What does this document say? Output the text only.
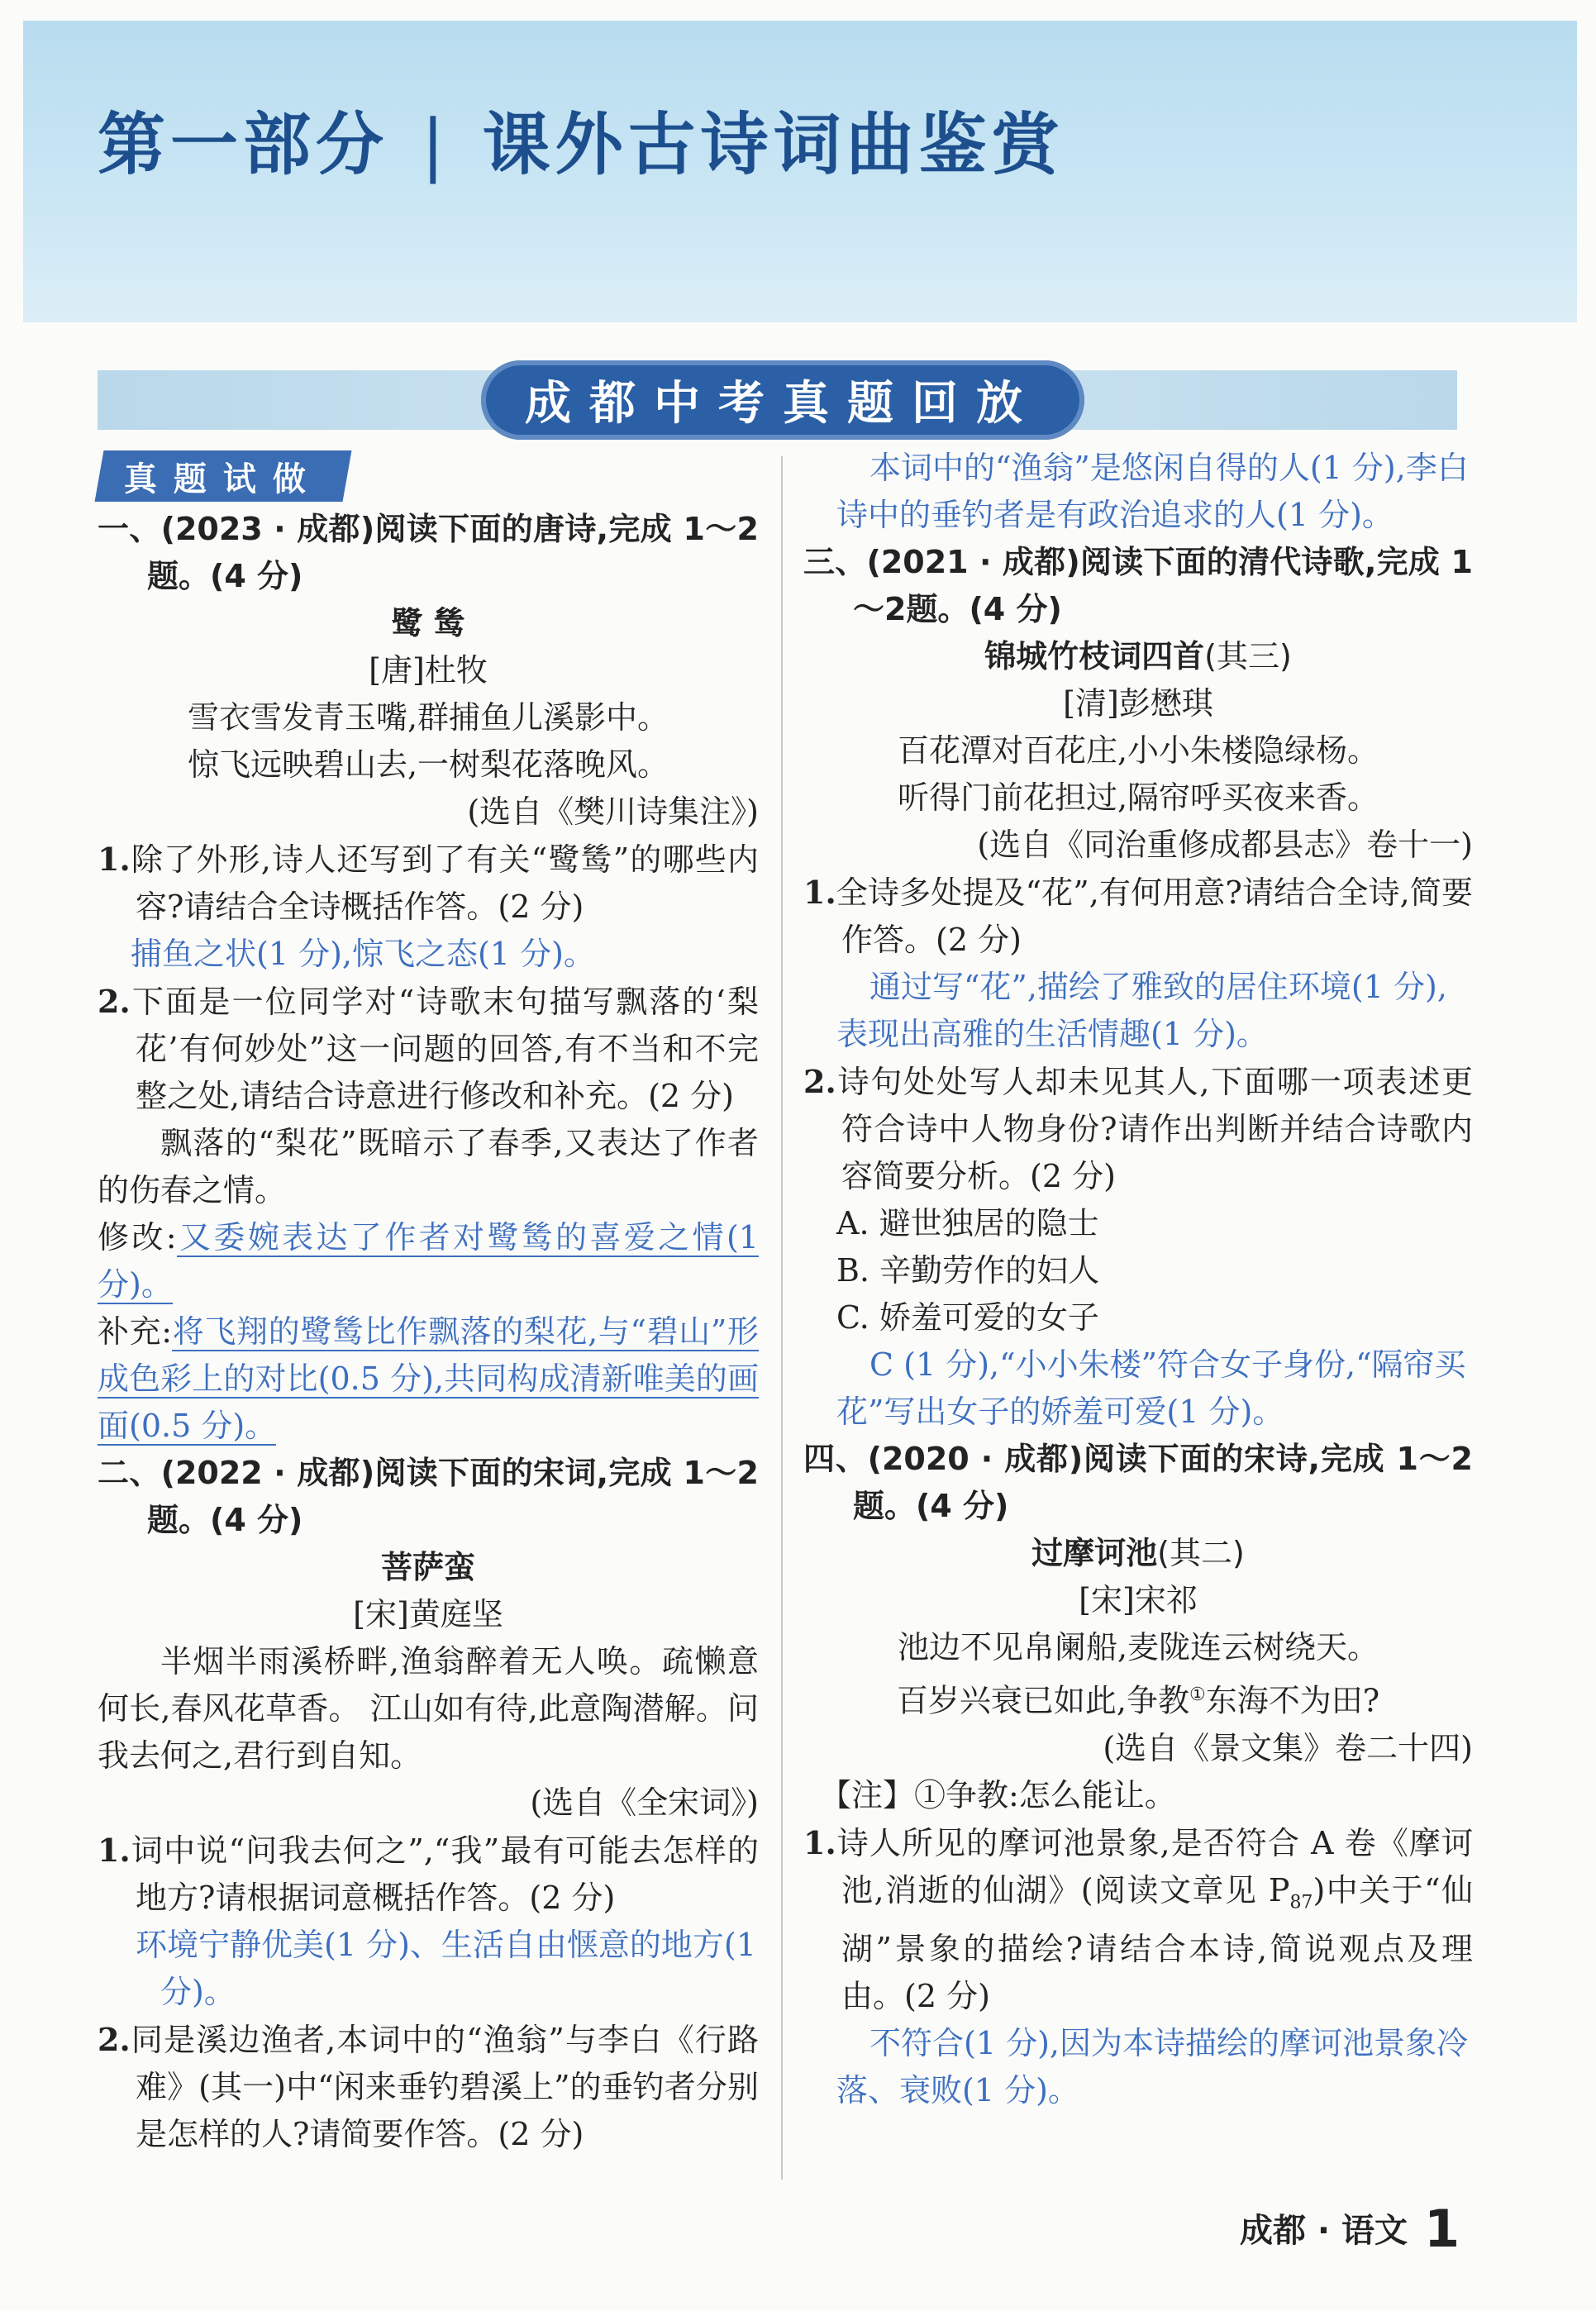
第一部分 | 课外古诗词曲鉴赏
成都中考真题回放
真题试做

一、(2023 · 成都)阅读下面的唐诗,完成 1～2 题。(4 分)

鹭 鸶

[唐]杜牧

雪衣雪发青玉嘴,群捕鱼儿溪影中。

惊飞远映碧山去,一树梨花落晚风。

(选自《樊川诗集注》)

1.除了外形,诗人还写到了有关“鹭鸶”的哪些内容?请结合全诗概括作答。(2 分)

捕鱼之状(1 分),惊飞之态(1 分)。

2.下面是一位同学对“诗歌末句描写飘落的‘梨花’有何妙处”这一问题的回答,有不当和不完整之处,请结合诗意进行修改和补充。(2 分)

飘落的“梨花”既暗示了春季,又表达了作者的伤春之情。

修改:又委婉表达了作者对鹭鸶的喜爱之情(1 分)。

补充:将飞翔的鹭鸶比作飘落的梨花,与“碧山”形成色彩上的对比(0.5 分),共同构成清新唯美的画面(0.5 分)。

二、(2022 · 成都)阅读下面的宋词,完成 1～2 题。(4 分)

菩萨蛮

[宋]黄庭坚

半烟半雨溪桥畔,渔翁醉着无人唤。疏懒意何长,春风花草香。 江山如有待,此意陶潜解。问我去何之,君行到自知。

(选自《全宋词》)

1.词中说“问我去何之”,“我”最有可能去怎样的地方?请根据词意概括作答。(2 分)

环境宁静优美(1 分)、生活自由惬意的地方(1 分)。

2.同是溪边渔者,本词中的“渔翁”与李白《行路难》(其一)中“闲来垂钓碧溪上”的垂钓者分别是怎样的人?请简要作答。(2 分)

本词中的“渔翁”是悠闲自得的人(1 分),李白诗中的垂钓者是有政治追求的人(1 分)。

三、(2021 · 成都)阅读下面的清代诗歌,完成 1～2题。(4 分)

锦城竹枝词四首(其三)

[清]彭懋琪

百花潭对百花庄,小小朱楼隐绿杨。

听得门前花担过,隔帘呼买夜来香。

(选自《同治重修成都县志》卷十一)

1.全诗多处提及“花”,有何用意?请结合全诗,简要作答。(2 分)

通过写“花”,描绘了雅致的居住环境(1 分),表现出高雅的生活情趣(1 分)。

2.诗句处处写人却未见其人,下面哪一项表述更符合诗中人物身份?请作出判断并结合诗歌内容简要分析。(2 分)

A. 避世独居的隐士

B. 辛勤劳作的妇人

C. 娇羞可爱的女子

C (1 分),“小小朱楼”符合女子身份,“隔帘买花”写出女子的娇羞可爱(1 分)。

四、(2020 · 成都)阅读下面的宋诗,完成 1～2 题。(4 分)

过摩诃池(其二)

[宋]宋祁

池边不见帛阑船,麦陇连云树绕天。

百岁兴衰已如此,争教①东海不为田?

(选自《景文集》卷二十四)

【注】①争教:怎么能让。

1.诗人所见的摩诃池景象,是否符合 A 卷《摩诃池,消逝的仙湖》(阅读文章见 $P_{87}$)中关于“仙湖”景象的描绘?请结合本诗,简说观点及理由。(2 分)

不符合(1 分),因为本诗描绘的摩诃池景象冷落、衰败(1 分)。

成都 · 语文 1
